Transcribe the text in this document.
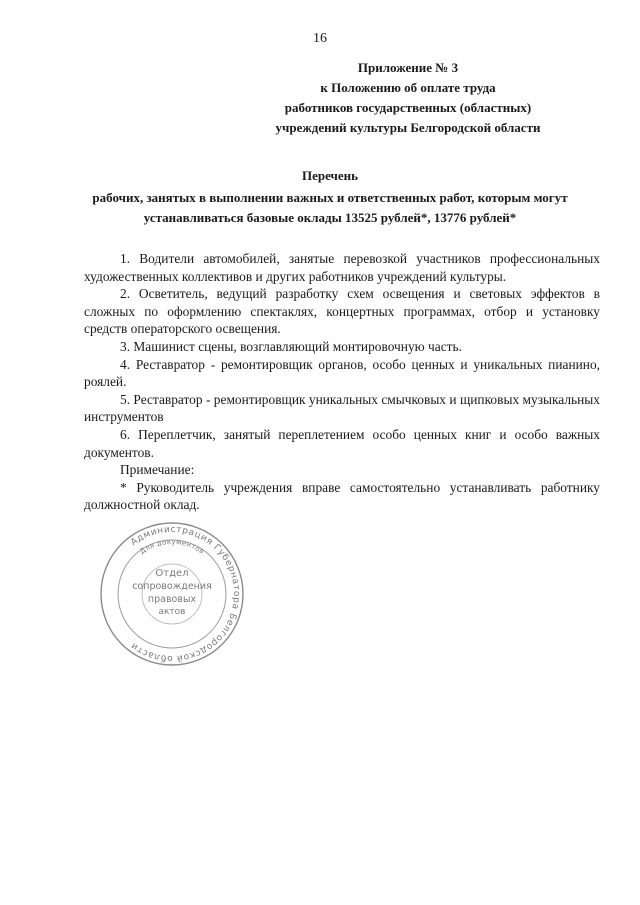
16
Приложение № 3
к Положению об оплате труда
работников государственных (областных)
учреждений культуры Белгородской области
Перечень
рабочих, занятых в выполнении важных и ответственных работ, которым могут устанавливаться базовые оклады 13525 рублей*, 13776 рублей*

1. Водители автомобилей, занятые перевозкой участников профессиональных художественных коллективов и других работников учреждений культуры.

2. Осветитель, ведущий разработку схем освещения и световых эффектов в сложных по оформлению спектаклях, концертных программах, отбор и установку средств операторского освещения.

3. Машинист сцены, возглавляющий монтировочную часть.

4. Реставратор - ремонтировщик органов, особо ценных и уникальных пианино, роялей.

5. Реставратор - ремонтировщик уникальных смычковых и щипковых музыкальных инструментов

6. Переплетчик, занятый переплетением особо ценных книг и особо важных документов.

Примечание:

* Руководитель учреждения вправе самостоятельно устанавливать работнику должностной оклад.

Администрация Губернатора Белгородской области
Для документов
Отдел
сопровождения
правовых
актов
